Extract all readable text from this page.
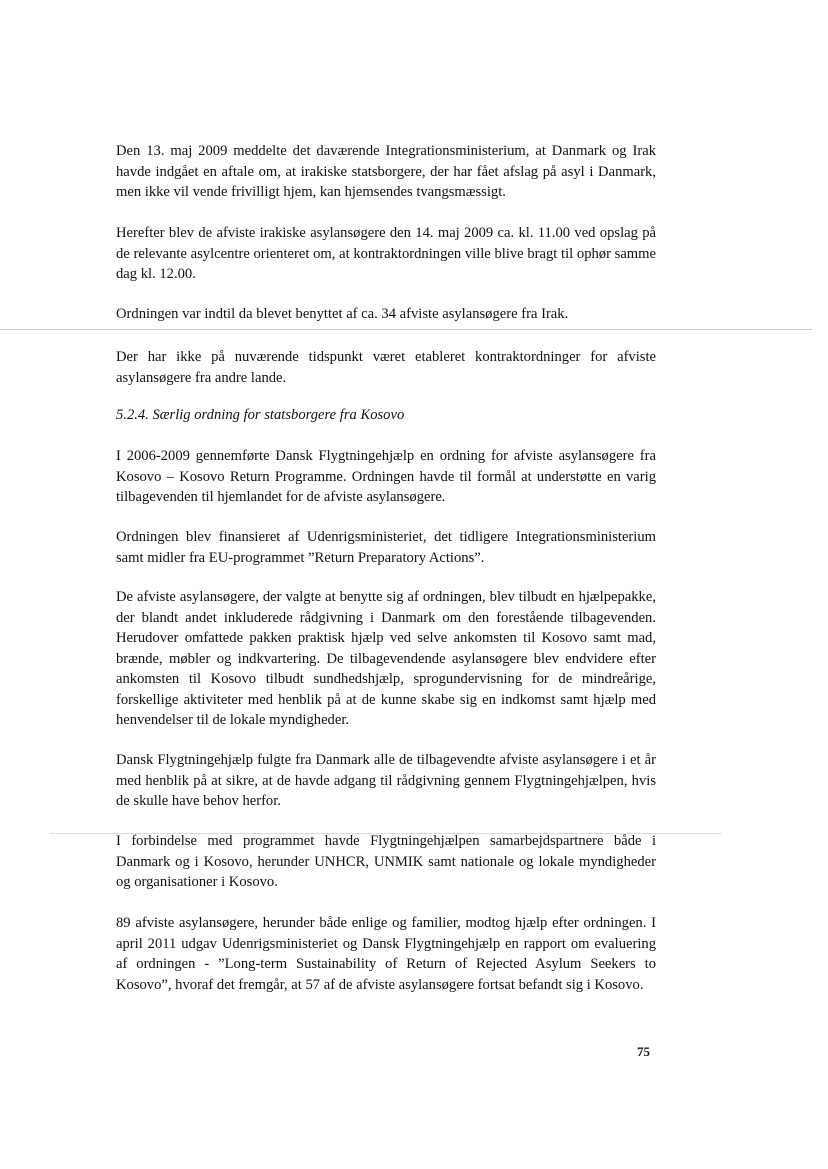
Den 13. maj 2009 meddelte det daværende Integrationsministerium, at Danmark og Irak havde indgået en aftale om, at irakiske statsborgere, der har fået afslag på asyl i Danmark, men ikke vil vende frivilligt hjem, kan hjemsendes tvangsmæssigt.

Herefter blev de afviste irakiske asylansøgere den 14. maj 2009 ca. kl. 11.00 ved opslag på de relevante asylcentre orienteret om, at kontraktordningen ville blive bragt til ophør samme dag kl. 12.00.

Ordningen var indtil da blevet benyttet af ca. 34 afviste asylansøgere fra Irak.

Der har ikke på nuværende tidspunkt været etableret kontraktordninger for afviste asylansøgere fra andre lande.

5.2.4. Særlig ordning for statsborgere fra Kosovo

I 2006-2009 gennemførte Dansk Flygtningehjælp en ordning for afviste asylansøgere fra Kosovo – Kosovo Return Programme. Ordningen havde til formål at understøtte en varig tilbagevenden til hjemlandet for de afviste asylansøgere.

Ordningen blev finansieret af Udenrigsministeriet, det tidligere Integrationsministerium samt midler fra EU-programmet ”Return Preparatory Actions”.

De afviste asylansøgere, der valgte at benytte sig af ordningen, blev tilbudt en hjælpepakke, der blandt andet inkluderede rådgivning i Danmark om den forestående tilbagevenden. Herudover omfattede pakken praktisk hjælp ved selve ankomsten til Kosovo samt mad, brænde, møbler og indkvartering. De tilbagevendende asylansøgere blev endvidere efter ankomsten til Kosovo tilbudt sundhedshjælp, sprogundervisning for de mindreårige, forskellige aktiviteter med henblik på at de kunne skabe sig en indkomst samt hjælp med henvendelser til de lokale myndigheder.

Dansk Flygtningehjælp fulgte fra Danmark alle de tilbagevendte afviste asylansøgere i et år med henblik på at sikre, at de havde adgang til rådgivning gennem Flygtningehjælpen, hvis de skulle have behov herfor.

I forbindelse med programmet havde Flygtningehjælpen samarbejdspartnere både i Danmark og i Kosovo, herunder UNHCR, UNMIK samt nationale og lokale myndigheder og organisationer i Kosovo.

89 afviste asylansøgere, herunder både enlige og familier, modtog hjælp efter ordningen. I april 2011 udgav Udenrigsministeriet og Dansk Flygtningehjælp en rapport om evaluering af ordningen - ”Long-term Sustainability of Return of Rejected Asylum Seekers to Kosovo”, hvoraf det fremgår, at 57 af de afviste asylansøgere fortsat befandt sig i Kosovo.

75
